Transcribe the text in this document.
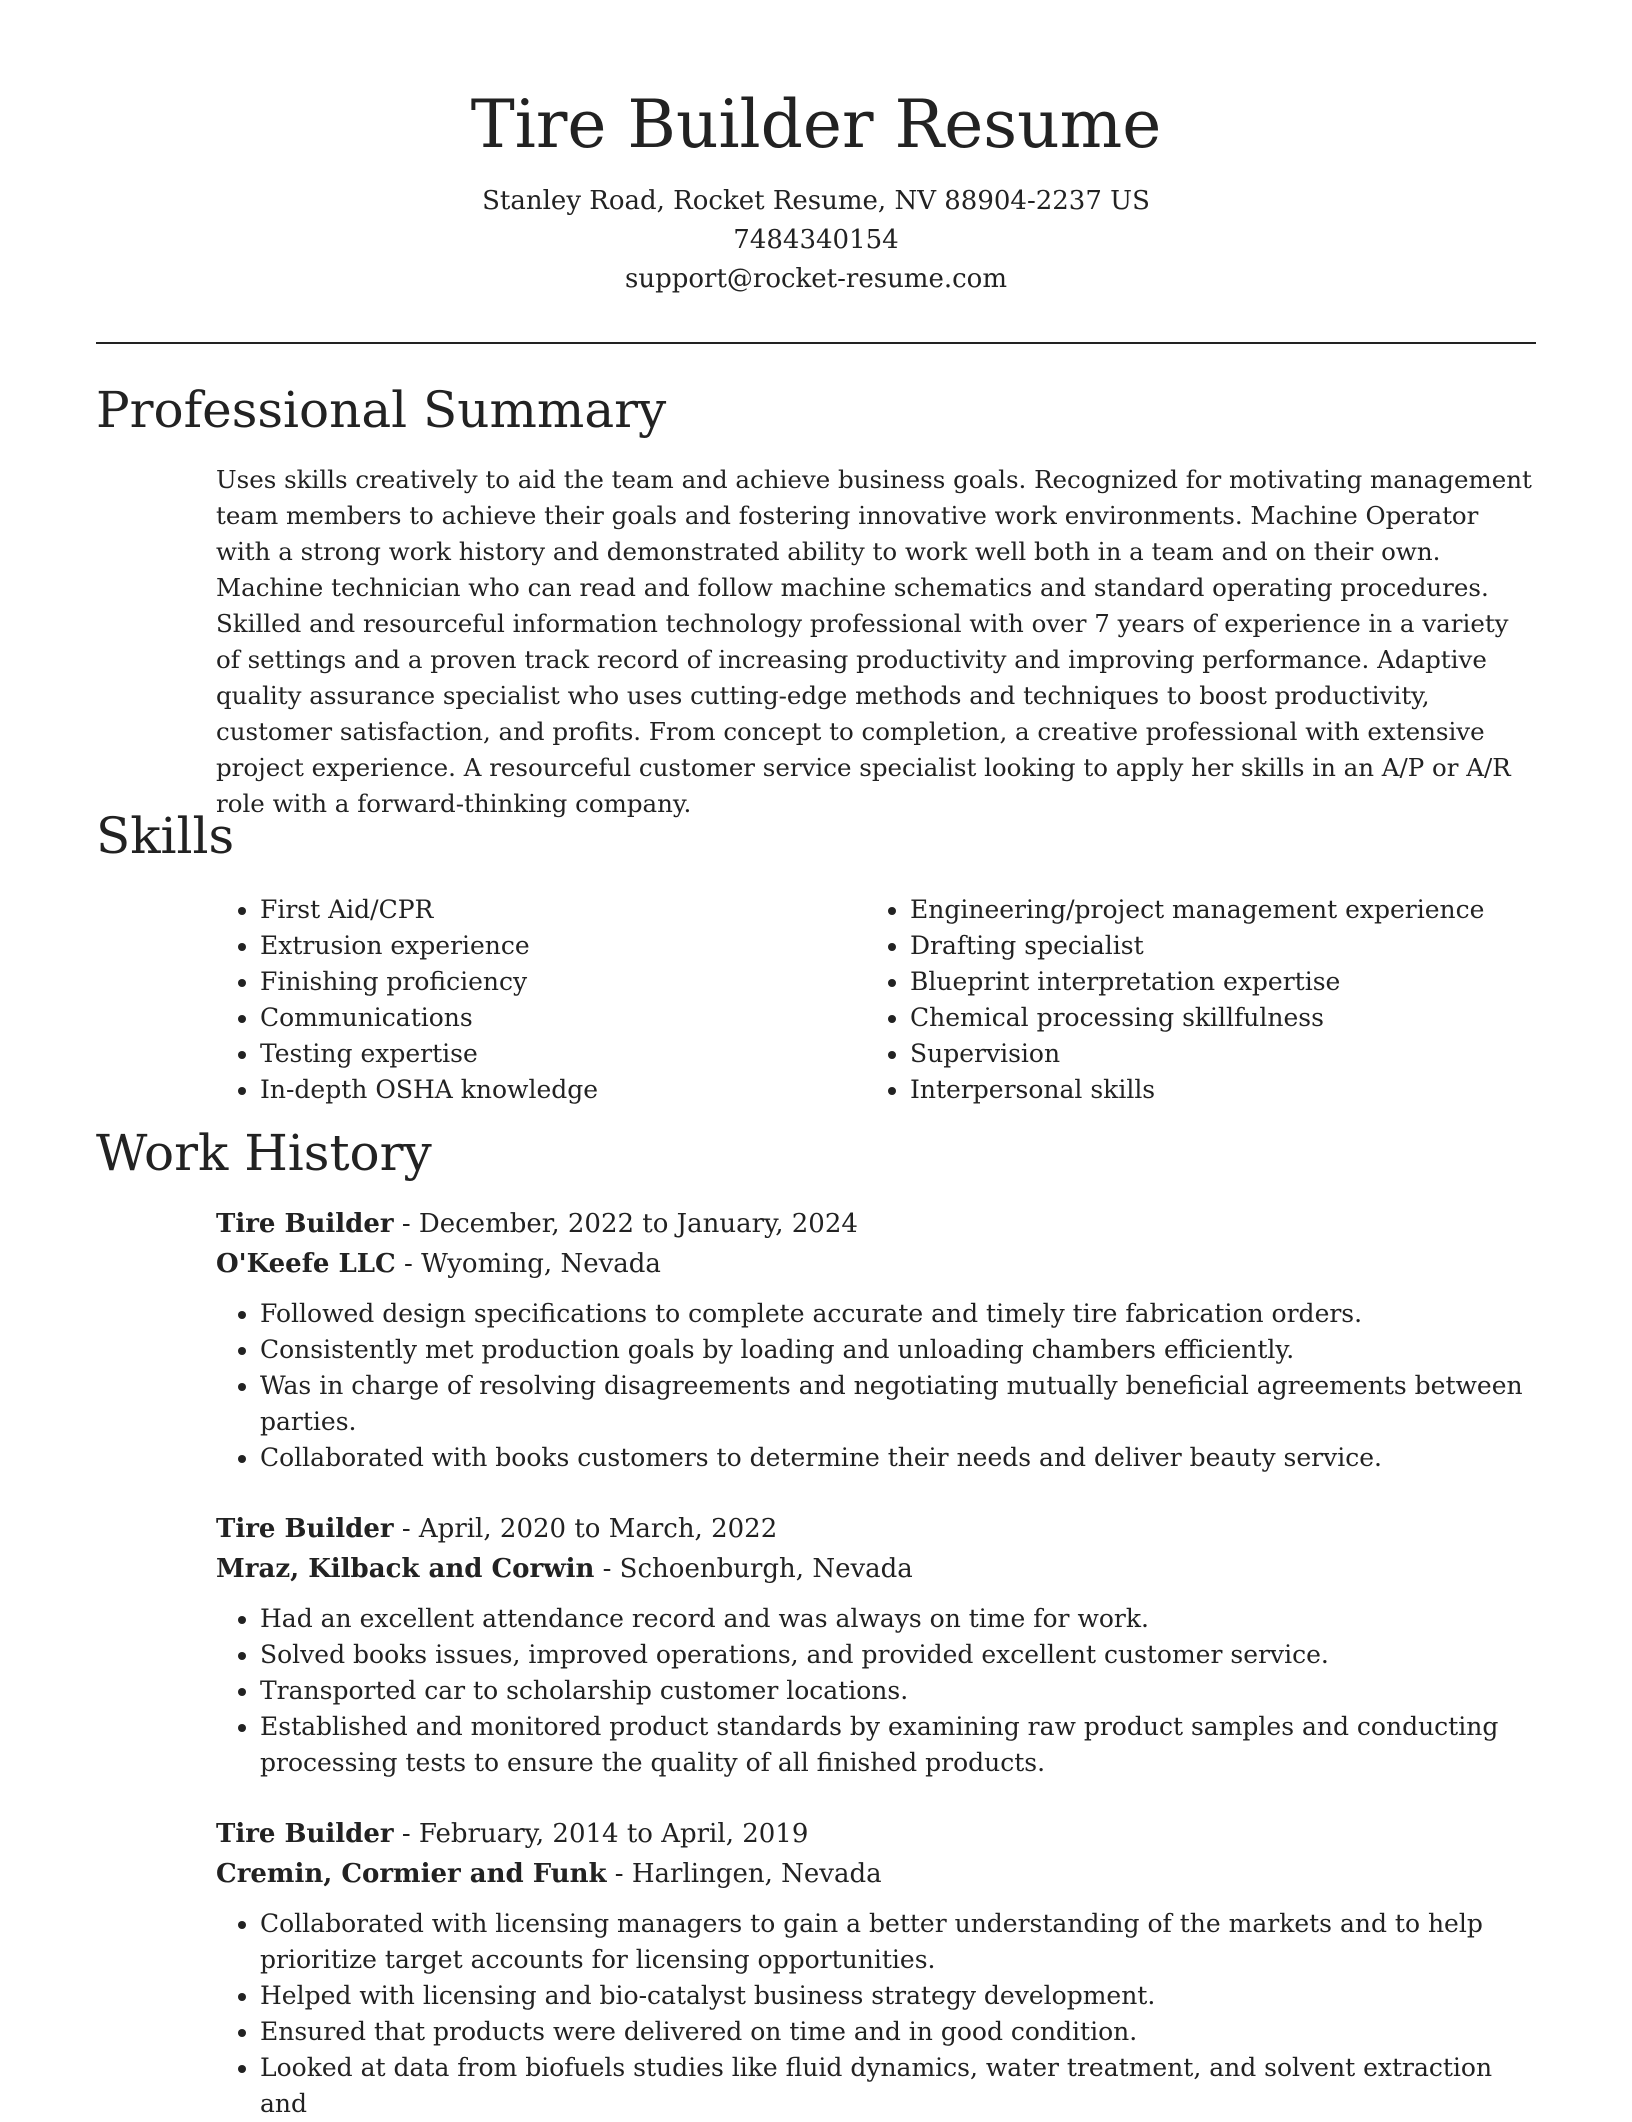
Tire Builder Resume
Stanley Road, Rocket Resume, NV 88904-2237 US
7484340154
support@rocket-resume.com
Professional Summary

Uses skills creatively to aid the team and achieve business goals. Recognized for motivating management team members to achieve their goals and fostering innovative work environments. Machine Operator with a strong work history and demonstrated ability to work well both in a team and on their own. Machine technician who can read and follow machine schematics and standard operating procedures. Skilled and resourceful information technology professional with over 7 years of experience in a variety of settings and a proven track record of increasing productivity and improving performance. Adaptive quality assurance specialist who uses cutting-edge methods and techniques to boost productivity, customer satisfaction, and profits. From concept to completion, a creative professional with extensive project experience. A resourceful customer service specialist looking to apply her skills in an A/P or A/R role with a forward-thinking company.

Skills
• First Aid/CPR
• Extrusion experience
• Finishing proficiency
• Communications
• Testing expertise
• In-depth OSHA knowledge
• Engineering/project management experience
• Drafting specialist
• Blueprint interpretation expertise
• Chemical processing skillfulness
• Supervision
• Interpersonal skills
Work History

Tire Builder - December, 2022 to January, 2024

O'Keefe LLC - Wyoming, Nevada

• Followed design specifications to complete accurate and timely tire fabrication orders.
• Consistently met production goals by loading and unloading chambers efficiently.
• Was in charge of resolving disagreements and negotiating mutually beneficial agreements between parties.
• Collaborated with books customers to determine their needs and deliver beauty service.

Tire Builder - April, 2020 to March, 2022

Mraz, Kilback and Corwin - Schoenburgh, Nevada

• Had an excellent attendance record and was always on time for work.
• Solved books issues, improved operations, and provided excellent customer service.
• Transported car to scholarship customer locations.
• Established and monitored product standards by examining raw product samples and conducting processing tests to ensure the quality of all finished products.

Tire Builder - February, 2014 to April, 2019

Cremin, Cormier and Funk - Harlingen, Nevada

• Collaborated with licensing managers to gain a better understanding of the markets and to help prioritize target accounts for licensing opportunities.
• Helped with licensing and bio-catalyst business strategy development.
• Ensured that products were delivered on time and in good condition.
• Looked at data from biofuels studies like fluid dynamics, water treatment, and solvent extraction and
